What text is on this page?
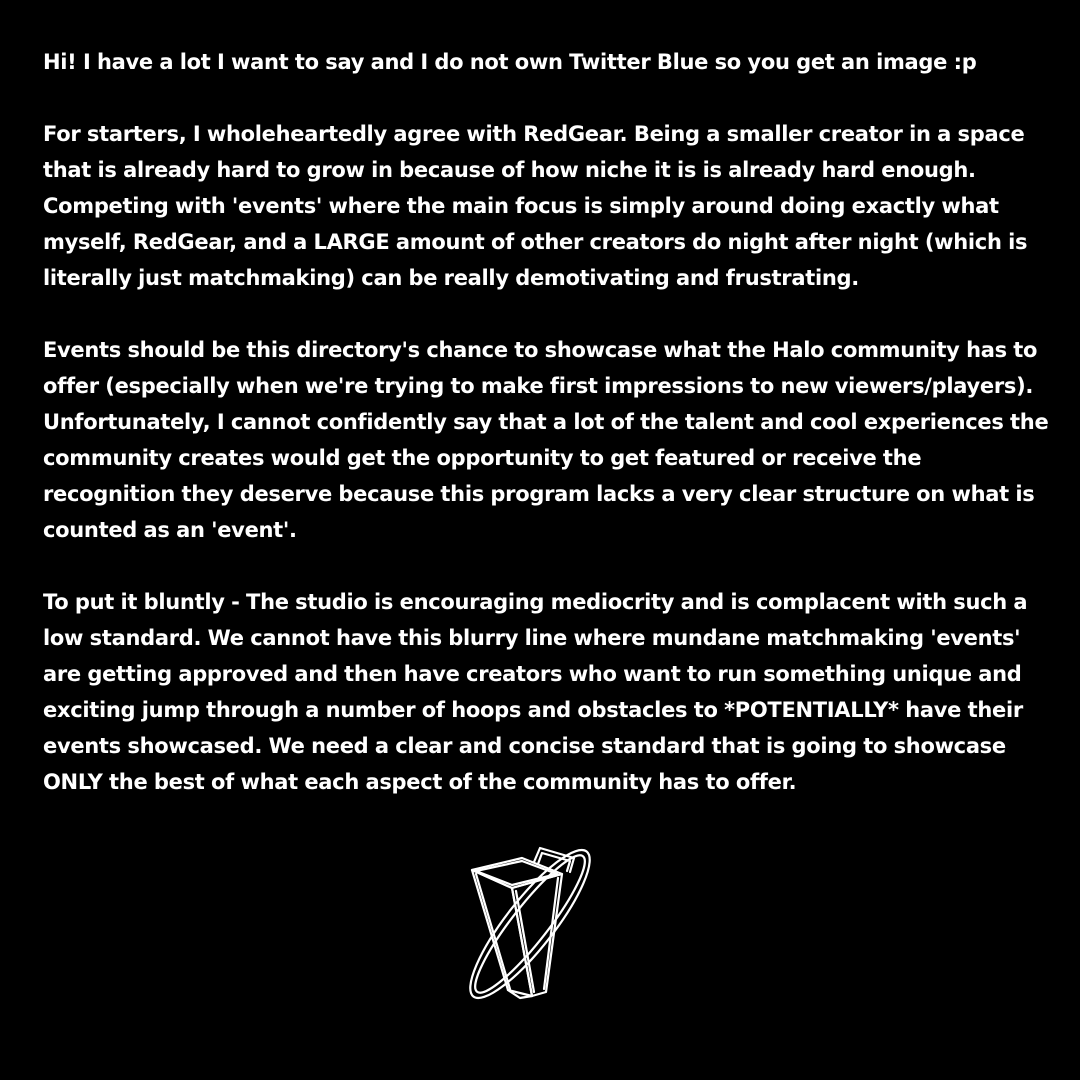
Hi! I have a lot I want to say and I do not own Twitter Blue so you get an image :p

For starters, I wholeheartedly agree with RedGear. Being a smaller creator in a space that is already hard to grow in because of how niche it is is already hard enough. Competing with 'events' where the main focus is simply around doing exactly what myself, RedGear, and a LARGE amount of other creators do night after night (which is literally just matchmaking) can be really demotivating and frustrating.

Events should be this directory's chance to showcase what the Halo community has to offer (especially when we're trying to make first impressions to new viewers/players). Unfortunately, I cannot confidently say that a lot of the talent and cool experiences the community creates would get the opportunity to get featured or receive the recognition they deserve because this program lacks a very clear structure on what is counted as an 'event'.

To put it bluntly - The studio is encouraging mediocrity and is complacent with such a low standard. We cannot have this blurry line where mundane matchmaking 'events' are getting approved and then have creators who want to run something unique and exciting jump through a number of hoops and obstacles to *POTENTIALLY* have their events showcased. We need a clear and concise standard that is going to showcase ONLY the best of what each aspect of the community has to offer.
